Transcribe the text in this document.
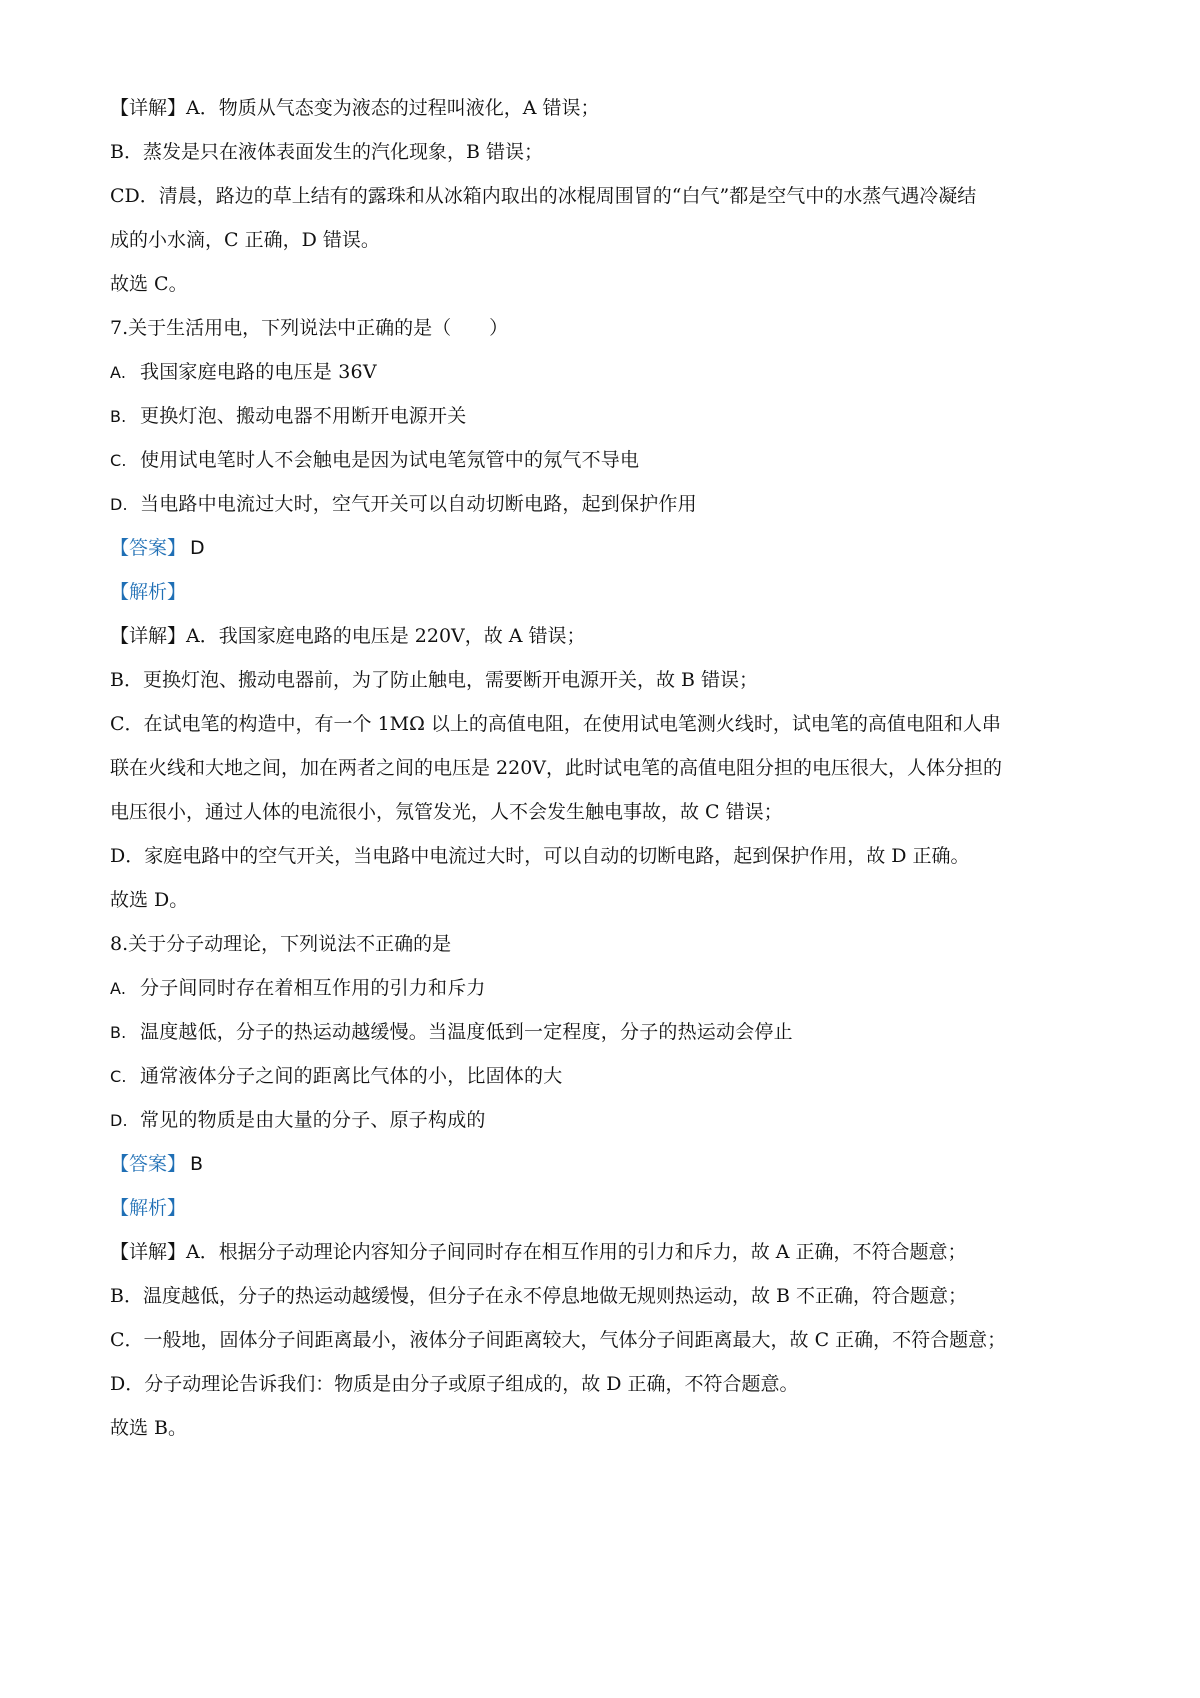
【详解】A．物质从气态变为液态的过程叫液化，A 错误；
B．蒸发是只在液体表面发生的汽化现象，B 错误；
CD．清晨，路边的草上结有的露珠和从冰箱内取出的冰棍周围冒的“白气”都是空气中的水蒸气遇冷凝结
成的小水滴，C 正确，D 错误。
故选 C。
7.关于生活用电，下列说法中正确的是（　　）
A. 我国家庭电路的电压是 36V
B. 更换灯泡、搬动电器不用断开电源开关
C. 使用试电笔时人不会触电是因为试电笔氖管中的氖气不导电
D. 当电路中电流过大时，空气开关可以自动切断电路，起到保护作用
【答案】 D
【解析】
【详解】A．我国家庭电路的电压是 220V，故 A 错误；
B．更换灯泡、搬动电器前，为了防止触电，需要断开电源开关，故 B 错误；
C．在试电笔的构造中，有一个 1MΩ 以上的高值电阻，在使用试电笔测火线时，试电笔的高值电阻和人串
联在火线和大地之间，加在两者之间的电压是 220V，此时试电笔的高值电阻分担的电压很大，人体分担的
电压很小，通过人体的电流很小，氖管发光，人不会发生触电事故，故 C 错误；
D．家庭电路中的空气开关，当电路中电流过大时，可以自动的切断电路，起到保护作用，故 D 正确。
故选 D。
8.关于分子动理论，下列说法不正确的是
A. 分子间同时存在着相互作用的引力和斥力
B. 温度越低，分子的热运动越缓慢。当温度低到一定程度，分子的热运动会停止
C. 通常液体分子之间的距离比气体的小，比固体的大
D. 常见的物质是由大量的分子、原子构成的
【答案】 B
【解析】
【详解】A．根据分子动理论内容知分子间同时存在相互作用的引力和斥力，故 A 正确，不符合题意；
B．温度越低，分子的热运动越缓慢，但分子在永不停息地做无规则热运动，故 B 不正确，符合题意；
C．一般地，固体分子间距离最小，液体分子间距离较大，气体分子间距离最大，故 C 正确，不符合题意；
D．分子动理论告诉我们：物质是由分子或原子组成的，故 D 正确，不符合题意。
故选 B。
